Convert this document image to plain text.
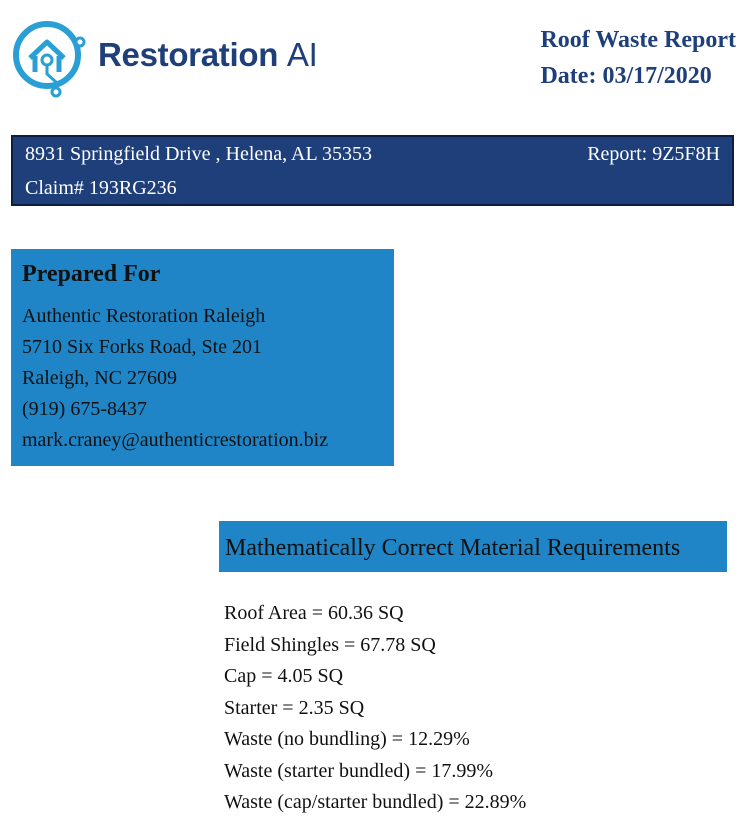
Restoration AI	Roof Waste Report
Date: 03/17/2020
8931 Springfield Drive , Helena, AL 35353
Claim# 193RG236
Report: 9Z5F8H
Prepared For
Authentic Restoration Raleigh
5710 Six Forks Road, Ste 201
Raleigh, NC 27609
(919) 675-8437
mark.craney@authenticrestoration.biz
Mathematically Correct Material Requirements
Roof Area = 60.36 SQ
Field Shingles = 67.78 SQ
Cap = 4.05 SQ
Starter = 2.35 SQ
Waste (no bundling) = 12.29%
Waste (starter bundled) = 17.99%
Waste (cap/starter bundled) = 22.89%
